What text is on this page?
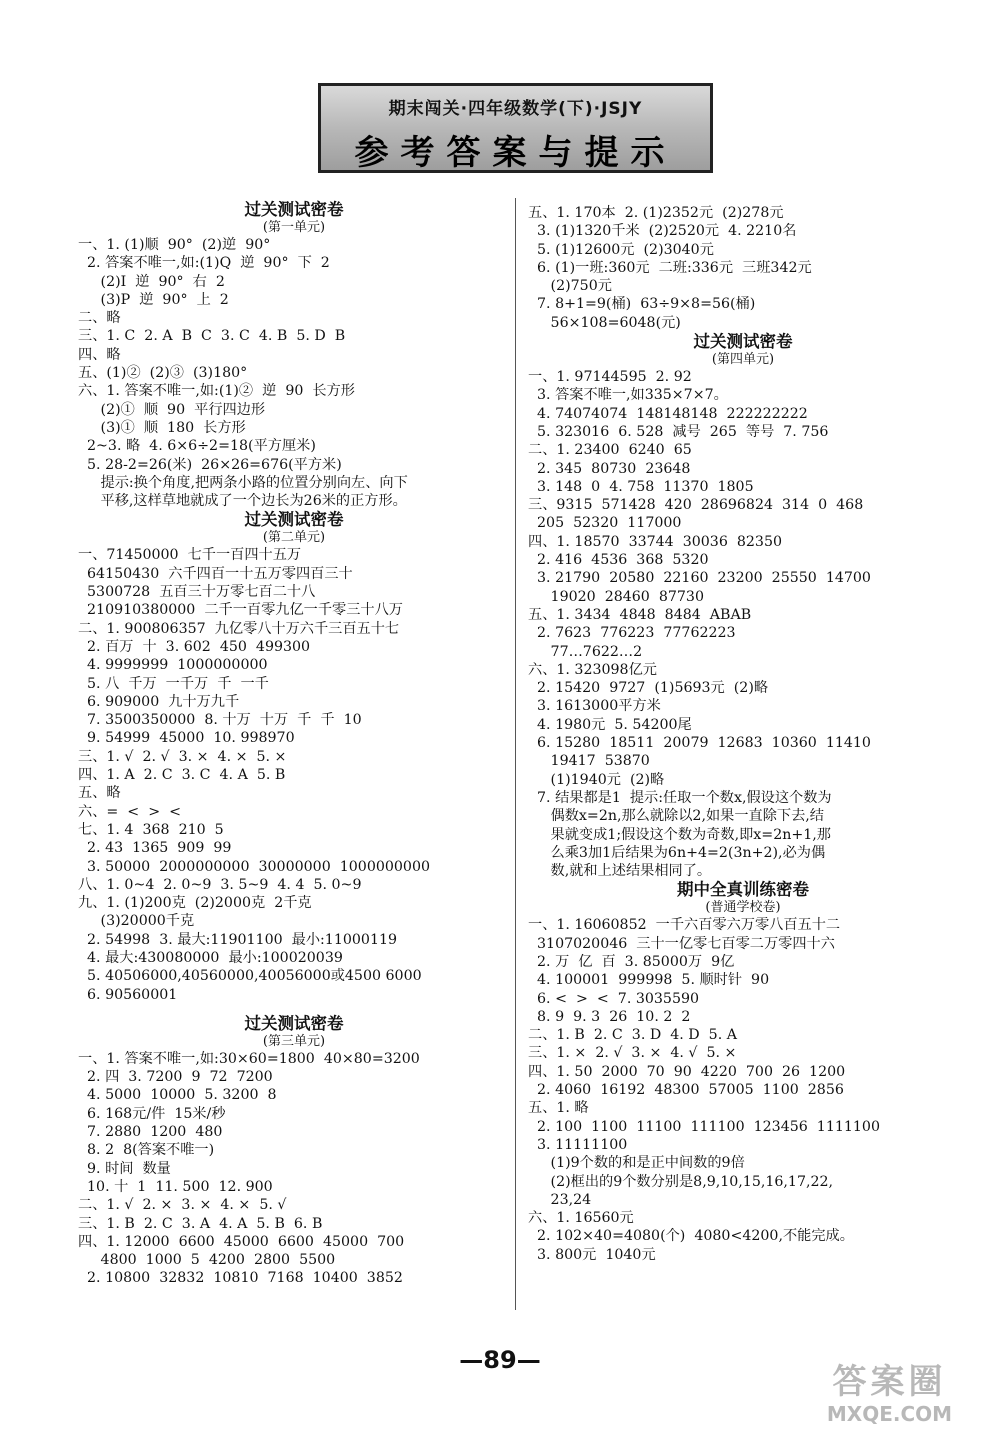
期末闯关·四年级数学(下)·JSJY
参考答案与提示
过关测试密卷
(第一单元)
一、1. (1)顺  90°  (2)逆  90°
2. 答案不唯一,如:(1)Q  逆  90°  下  2
(2)I  逆  90°  右  2
(3)P  逆  90°  上  2
二、略
三、1. C  2. A  B  C  3. C  4. B  5. D  B
四、略
五、(1)②  (2)③  (3)180°
六、1. 答案不唯一,如:(1)②  逆  90  长方形
(2)①  顺  90  平行四边形
(3)①  顺  180  长方形
2~3. 略  4. 6×6÷2=18(平方厘米)
5. 28-2=26(米)  26×26=676(平方米)
提示:换个角度,把两条小路的位置分别向左、向下
平移,这样草地就成了一个边长为26米的正方形。
过关测试密卷
(第二单元)
一、71450000  七千一百四十五万
64150430  六千四百一十五万零四百三十
5300728  五百三十万零七百二十八
210910380000  二千一百零九亿一千零三十八万
二、1. 900806357  九亿零八十万六千三百五十七
2. 百万  十  3. 602  450  499300
4. 9999999  1000000000
5. 八  千万  一千万  千  一千
6. 909000  九十万九千
7. 3500350000  8. 十万  十万  千  千  10
9. 54999  45000  10. 998970
三、1. √  2. √  3. ×  4. ×  5. ×
四、1. A  2. C  3. C  4. A  5. B
五、略
六、=  <  >  <
七、1. 4  368  210  5
2. 43  1365  909  99
3. 50000  2000000000  30000000  1000000000
八、1. 0~4  2. 0~9  3. 5~9  4. 4  5. 0~9
九、1. (1)200克  (2)2000克  2千克
(3)20000千克
2. 54998  3. 最大:11901100  最小:11000119
4. 最大:430080000  最小:100020039
5. 40506000,40560000,40056000或4500 6000
6. 90560001
过关测试密卷
(第三单元)
一、1. 答案不唯一,如:30×60=1800  40×80=3200
2. 四  3. 7200  9  72  7200
4. 5000  10000  5. 3200  8
6. 168元/件  15米/秒
7. 2880  1200  480
8. 2  8(答案不唯一)
9. 时间  数量
10. 十  1  11. 500  12. 900
二、1. √  2. ×  3. ×  4. ×  5. √
三、1. B  2. C  3. A  4. A  5. B  6. B
四、1. 12000  6600  45000  6600  45000  700
4800  1000  5  4200  2800  5500
2. 10800  32832  10810  7168  10400  3852
五、1. 170本  2. (1)2352元  (2)278元
3. (1)1320千米  (2)2520元  4. 2210名
5. (1)12600元  (2)3040元
6. (1)一班:360元  二班:336元  三班342元
(2)750元
7. 8+1=9(桶)  63÷9×8=56(桶)
56×108=6048(元)
过关测试密卷
(第四单元)
一、1. 97144595  2. 92
3. 答案不唯一,如335×7×7。
4. 74074074  148148148  222222222
5. 323016  6. 528  减号  265  等号  7. 756
二、1. 23400  6240  65
2. 345  80730  23648
3. 148  0  4. 758  11370  1805
三、9315  571428  420  28696824  314  0  468
205  52320  117000
四、1. 18570  33744  30036  82350
2. 416  4536  368  5320
3. 21790  20580  22160  23200  25550  14700
19020  28460  87730
五、1. 3434  4848  8484  ABAB
2. 7623  776223  77762223
77…7622…2
六、1. 323098亿元
2. 15420  9727  (1)5693元  (2)略
3. 1613000平方米
4. 1980元  5. 54200尾
6. 15280  18511  20079  12683  10360  11410
19417  53870
(1)1940元  (2)略
7. 结果都是1  提示:任取一个数x,假设这个数为
偶数x=2n,那么就除以2,如果一直除下去,结
果就变成1;假设这个数为奇数,即x=2n+1,那
么乘3加1后结果为6n+4=2(3n+2),必为偶
数,就和上述结果相同了。
期中全真训练密卷
(普通学校卷)
一、1. 16060852  一千六百零六万零八百五十二
3107020046  三十一亿零七百零二万零四十六
2. 万  亿  百  3. 85000万  9亿
4. 100001  999998  5. 顺时针  90
6. <  >  <  7. 3035590
8. 9  9. 3  26  10. 2  2
二、1. B  2. C  3. D  4. D  5. A
三、1. ×  2. √  3. ×  4. √  5. ×
四、1. 50  2000  70  90  4220  700  26  1200
2. 4060  16192  48300  57005  1100  2856
五、1. 略
2. 100  1100  11100  111100  123456  1111100
3. 11111100
(1)9个数的和是正中间数的9倍
(2)框出的9个数分别是8,9,10,15,16,17,22,
23,24
六、1. 16560元
2. 102×40=4080(个)  4080<4200,不能完成。
3. 800元  1040元
—89—
答案圈
MXQE.COM
